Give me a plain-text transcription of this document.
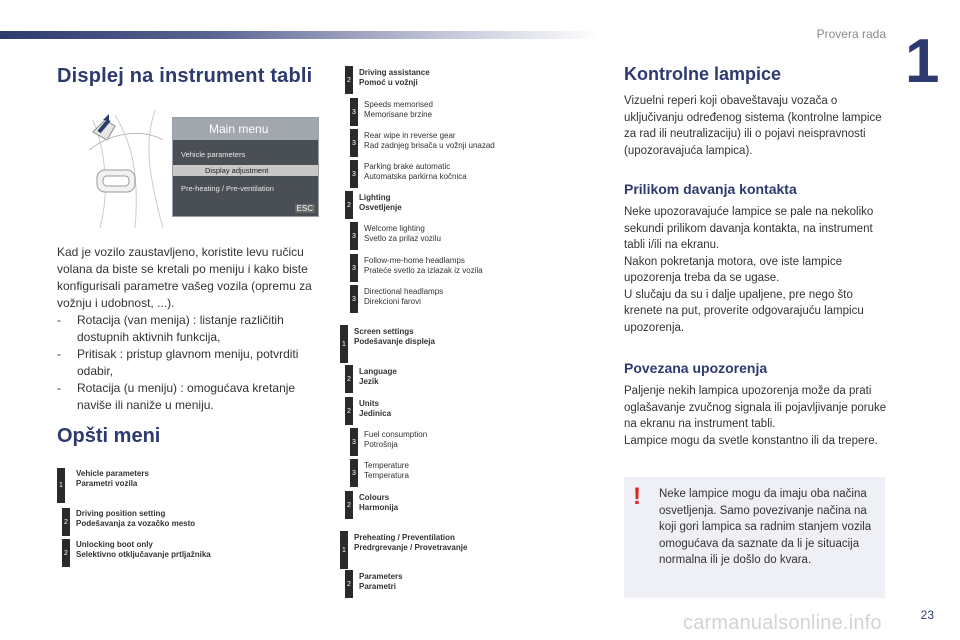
Provera rada 1
Displej na instrument tabli
Main menu
Vehicle parameters
Display adjustment
Pre-heating / Pre-ventilation
ESC

Kad je vozilo zaustavljeno, koristite levu ručicu volana da biste se kretali po meniju i kako biste konfigurisali parametre vašeg vozila (opremu za vožnju i udobnost, ...).

- Rotacija (van menija) : listanje različitih dostupnih aktivnih funkcija,
- Pritisak : pristup glavnom meniju, potvrditi odabir,
- Rotacija (u meniju) : omogućava kretanje naviše ili naniže u meniju.
Opšti meni
1
Vehicle parameters
Parametri vozila
2
Driving position setting
Podešavanja za vozačko mesto
2
Unlocking boot only
Selektivno otključavanje prtljažnika
2
Driving assistance
Pomoć u vožnji
3
Speeds memorised
Memorisane brzine
3
Rear wipe in reverse gear
Rad zadnjeg brisača u vožnji unazad
3
Parking brake automatic
Automatska parkirna kočnica
2
Lighting
Osvetljenje
3
Welcome lighting
Svetlo za prilaz vozilu
3
Follow-me-home headlamps
Prateće svetlo za izlazak iz vozila
3
Directional headlamps
Direkcioni farovi
1
Screen settings
Podešavanje displeja
2
Language
Jezik
2
Units
Jedinica
3
Fuel consumption
Potrošnja
3
Temperature
Temperatura
2
Colours
Harmonija
1
Preheating / Preventilation
Predrgrevanje / Provetravanje
2
Parameters
Parametri
Kontrolne lampice
Vizuelni reperi koji obaveštavaju vozača o uključivanju određenog sistema (kontrolne lampice za rad ili neutralizaciju) ili o pojavi neispravnosti (upozoravajuća lampica).
Prilikom davanja kontakta

Neke upozoravajuće lampice se pale na nekoliko sekundi prilikom davanja kontakta, na instrument tabli i/ili na ekranu.

Nakon pokretanja motora, ove iste lampice upozorenja treba da se ugase.

U slučaju da su i dalje upaljene, pre nego što krenete na put, proverite odgovarajuću lampicu upozorenja.

Povezana upozorenja

Paljenje nekih lampica upozorenja može da prati oglašavanje zvučnog signala ili pojavljivanje poruke na ekranu na instrument tabli.

Lampice mogu da svetle konstantno ili da trepere.

!	Neke lampice mogu da imaju oba načina osvetljenja. Samo povezivanje načina na koji gori lampica sa radnim stanjem vozila omogućava da saznate da li je situacija normalna ili je došlo do kvara.
carmanualsonline.info	23
